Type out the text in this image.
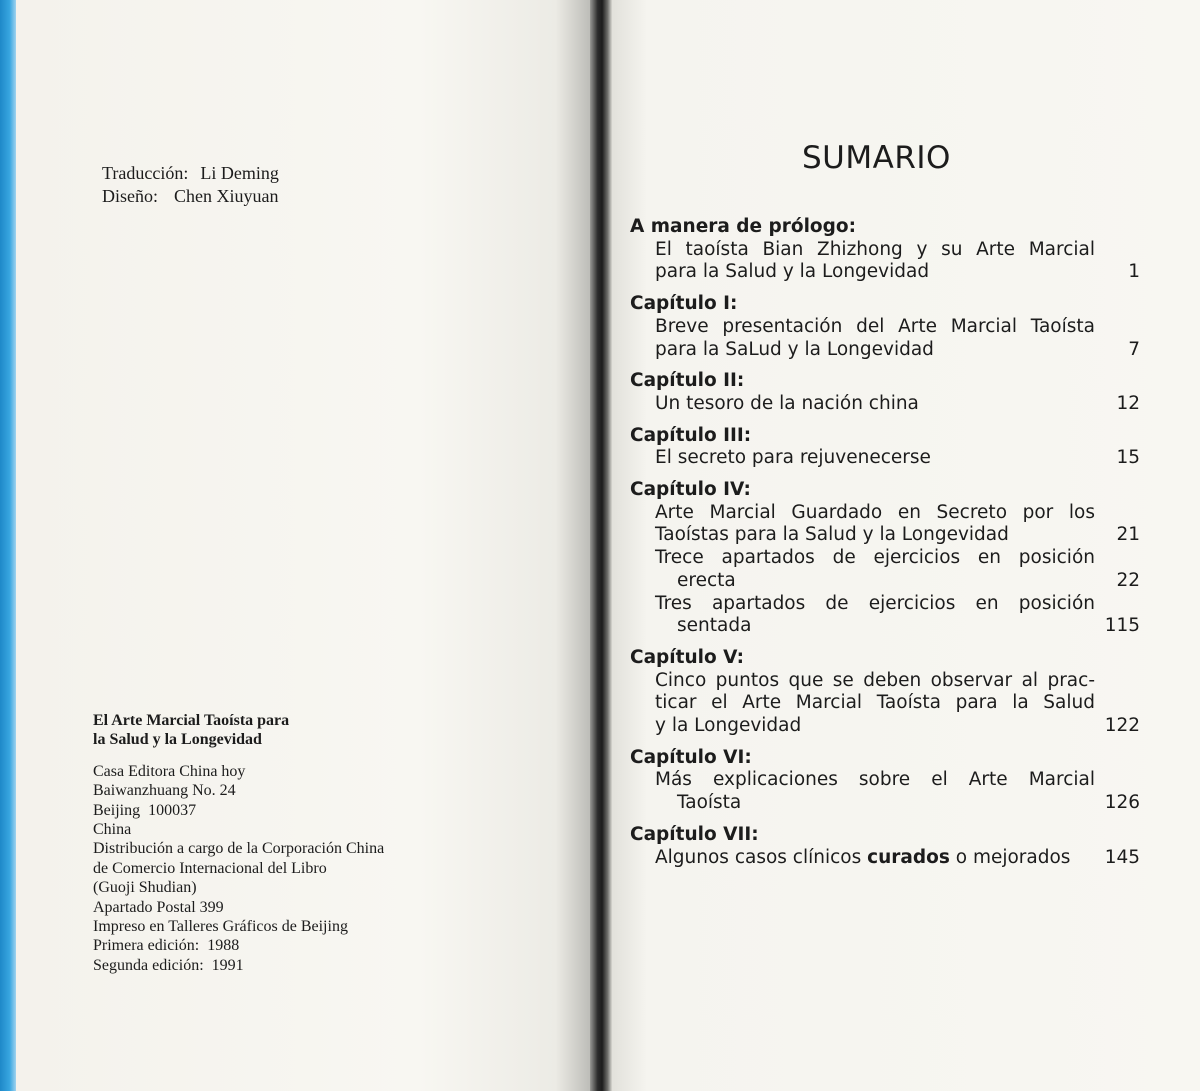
Traducción: Li Deming
Diseño: Chen Xiuyuan
El Arte Marcial Taoísta para
la Salud y la Longevidad
Casa Editora China hoy
Baiwanzhuang No. 24
Beijing  100037
China
Distribución a cargo de la Corporación China
de Comercio Internacional del Libro
(Guoji Shudian)
Apartado Postal 399
Impreso en Talleres Gráficos de Beijing
Primera edición:  1988
Segunda edición:  1991
SUMARIO
A manera de prólogo:
El taoísta Bian Zhizhong y su Arte Marcial
para la Salud y la Longevidad	1
Capítulo I:
Breve presentación del Arte Marcial Taoísta
para la SaLud y la Longevidad	7
Capítulo II:
Un tesoro de la nación china	12
Capítulo III:
El secreto para rejuvenecerse	15
Capítulo IV:
Arte Marcial Guardado en Secreto por los
Taoístas para la Salud y la Longevidad	21
Trece apartados de ejercicios en posición
erecta	22
Tres apartados de ejercicios en posición
sentada	115
Capítulo V:
Cinco puntos que se deben observar al prac-
ticar el Arte Marcial Taoísta para la Salud
y la Longevidad	122
Capítulo VI:
Más explicaciones sobre el Arte Marcial
Taoísta	126
Capítulo VII:
Algunos casos clínicos curados o mejorados	145
